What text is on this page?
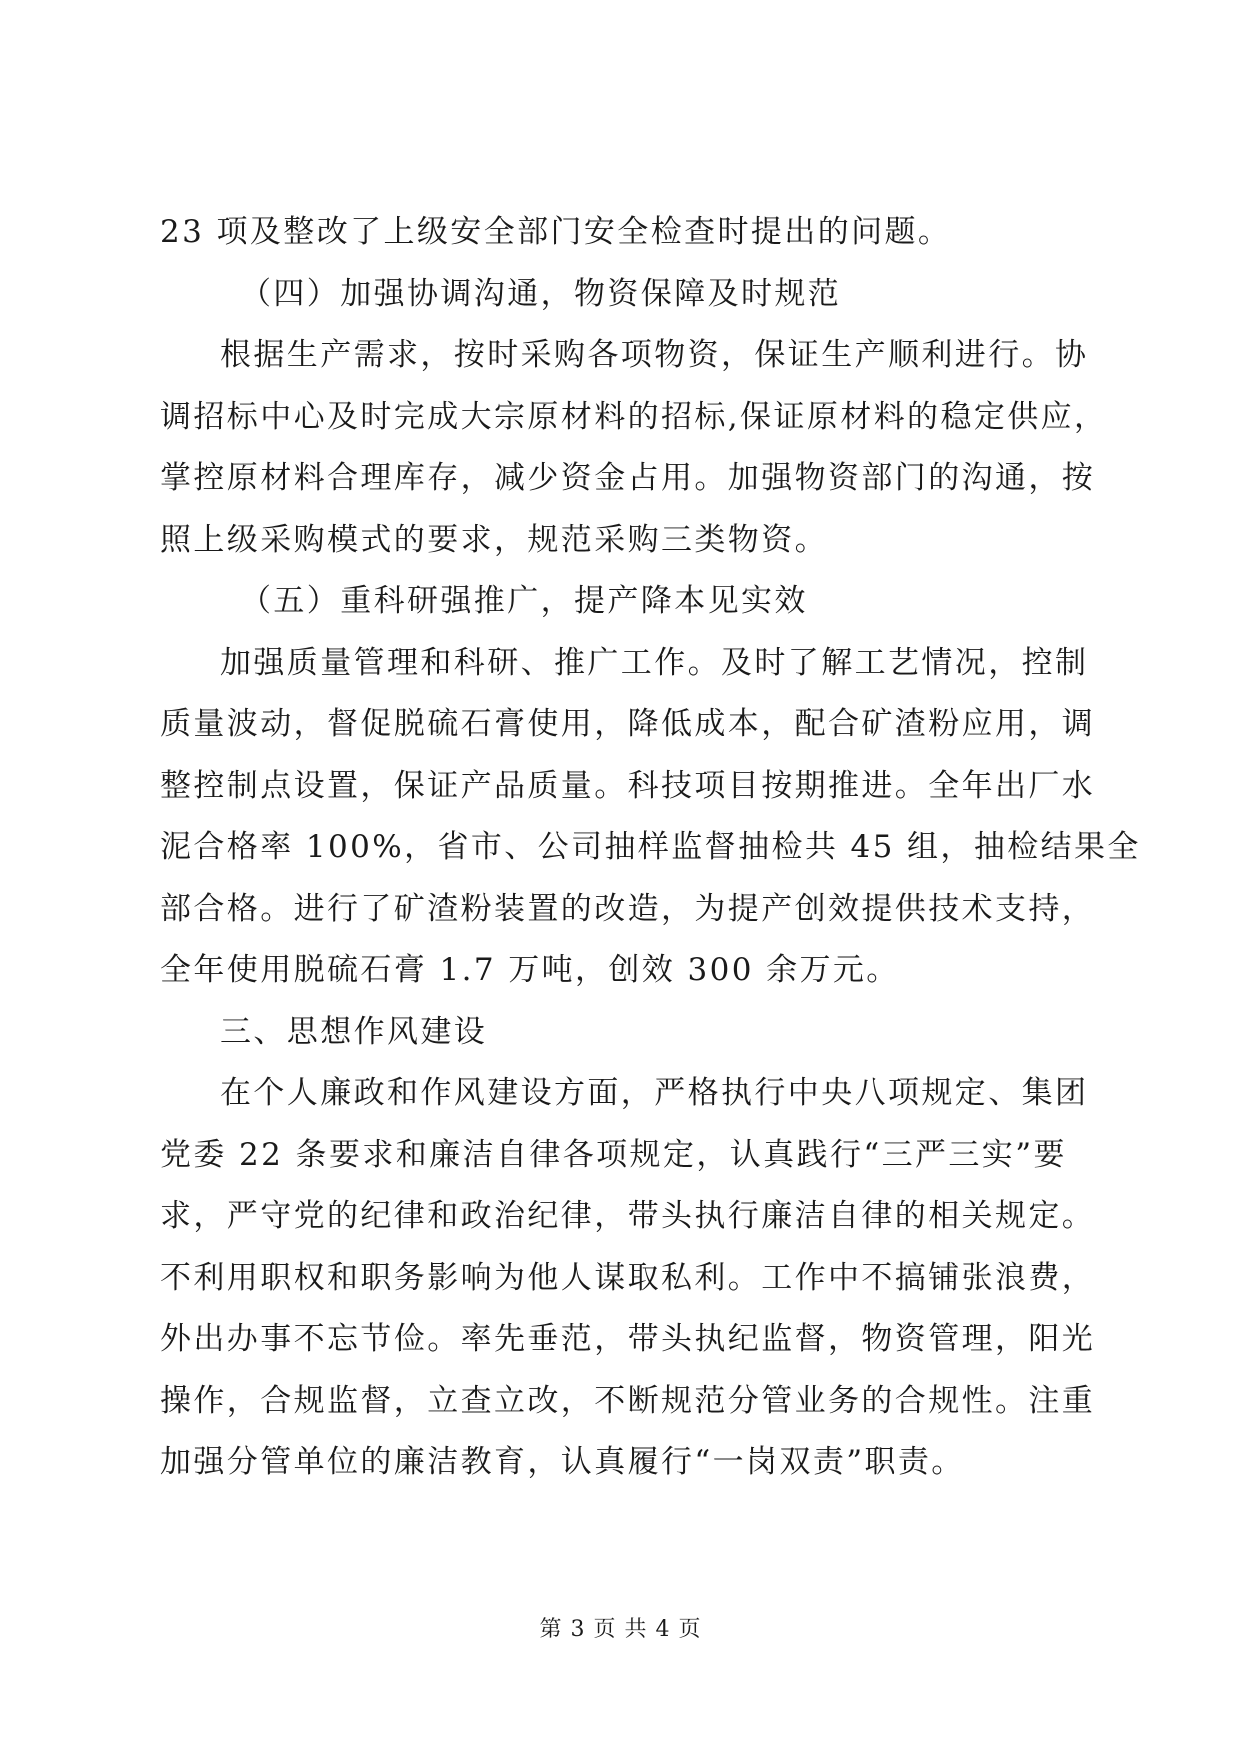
23 项及整改了上级安全部门安全检查时提出的问题。
（四）加强协调沟通，物资保障及时规范
根据生产需求，按时采购各项物资，保证生产顺利进行。协
调招标中心及时完成大宗原材料的招标,保证原材料的稳定供应，
掌控原材料合理库存，减少资金占用。加强物资部门的沟通，按
照上级采购模式的要求，规范采购三类物资。
（五）重科研强推广，提产降本见实效
加强质量管理和科研、推广工作。及时了解工艺情况，控制
质量波动，督促脱硫石膏使用，降低成本，配合矿渣粉应用，调
整控制点设置，保证产品质量。科技项目按期推进。全年出厂水
泥合格率 100%，省市、公司抽样监督抽检共 45 组，抽检结果全
部合格。进行了矿渣粉装置的改造，为提产创效提供技术支持，
全年使用脱硫石膏 1.7 万吨，创效 300 余万元。
三、思想作风建设
在个人廉政和作风建设方面，严格执行中央八项规定、集团
党委 22 条要求和廉洁自律各项规定，认真践行“三严三实”要
求，严守党的纪律和政治纪律，带头执行廉洁自律的相关规定。
不利用职权和职务影响为他人谋取私利。工作中不搞铺张浪费，
外出办事不忘节俭。率先垂范，带头执纪监督，物资管理，阳光
操作，合规监督，立查立改，不断规范分管业务的合规性。注重
加强分管单位的廉洁教育，认真履行“一岗双责”职责。
第 3 页 共 4 页
